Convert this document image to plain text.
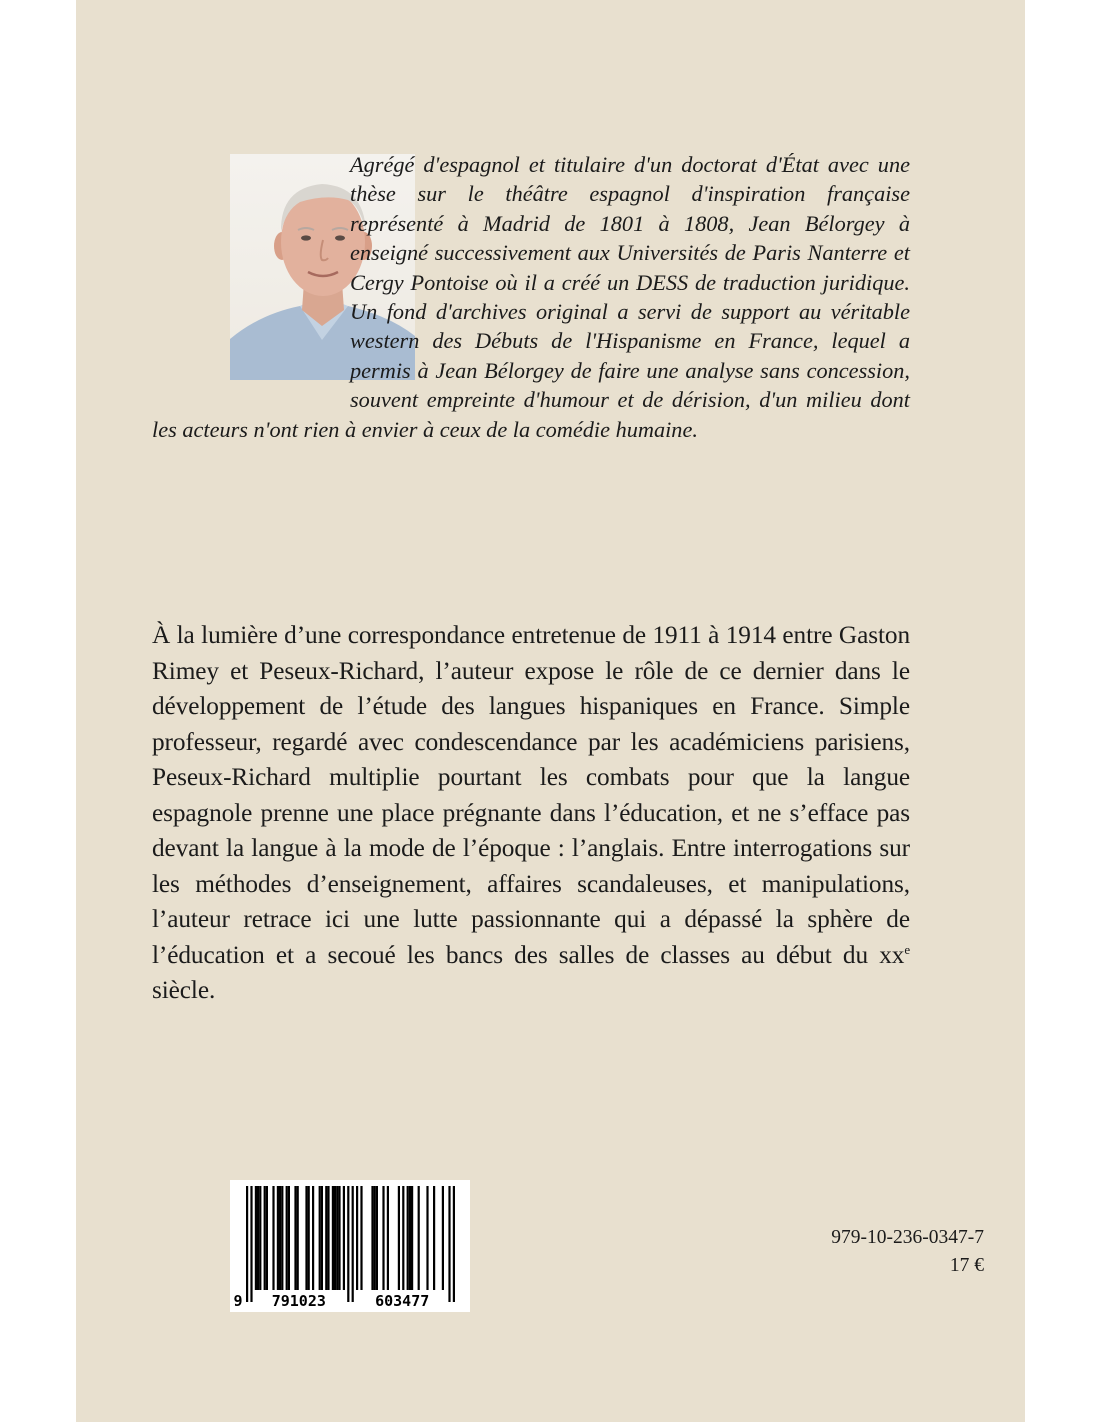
9 791023	603477

Agrégé d'espagnol et titulaire d'un doctorat d'État avec une thèse sur le théâtre espagnol d'inspiration française représenté à Madrid de 1801 à 1808, Jean Bélorgey à enseigné successivement aux Universités de Paris Nanterre et Cergy Pontoise où il a créé un DESS de traduction juridique. Un fond d'archives original a servi de support au véritable western des Débuts de l'Hispanisme en France, lequel a permis à Jean Bélorgey de faire une analyse sans concession, souvent empreinte d'humour et de dérision, d'un milieu dont les acteurs n'ont rien à envier à ceux de la comédie humaine.

À la lumière d’une correspondance entretenue de 1911 à 1914 entre Gaston Rimey et Peseux-Richard, l’auteur expose le rôle de ce dernier dans le développement de l’étude des langues hispaniques en France. Simple professeur, regardé avec condescendance par les académiciens parisiens, Peseux-Richard multiplie pourtant les combats pour que la langue espagnole prenne une place prégnante dans l’éducation, et ne s’efface pas devant la langue à la mode de l’époque : l’anglais. Entre interrogations sur les méthodes d’enseignement, affaires scandaleuses, et manipulations, l’auteur retrace ici une lutte passionnante qui a dépassé la sphère de l’éducation et a secoué les bancs des salles de classes au début du $xx^e$ siècle.

979-10-236-0347-7
17 €
